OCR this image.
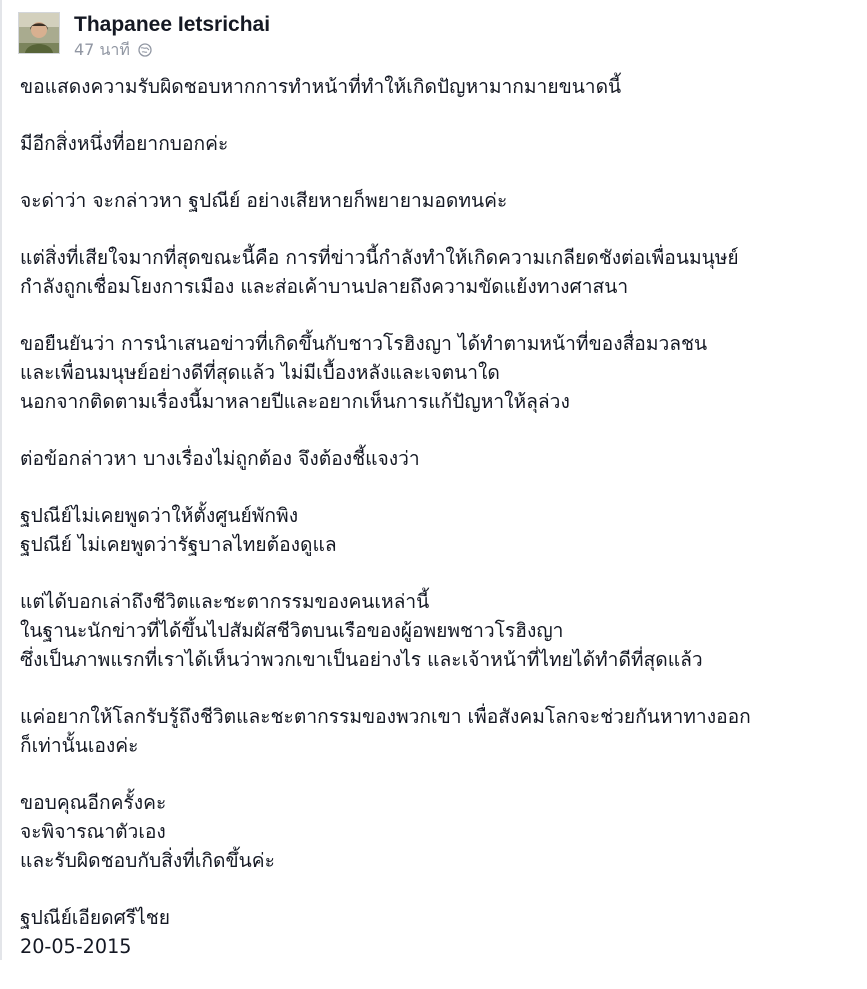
Thapanee Ietsrichai
47 นาที
ขอแสดงความรับผิดชอบหากการทำหน้าที่ทำให้เกิดปัญหามากมายขนาดนี้
มีอีกสิ่งหนึ่งที่อยากบอกค่ะ
จะด่าว่า จะกล่าวหา ฐปณีย์ อย่างเสียหายก็พยายามอดทนค่ะ
แต่สิ่งที่เสียใจมากที่สุดขณะนี้คือ การที่ข่าวนี้กำลังทำให้เกิดความเกลียดชังต่อเพื่อนมนุษย์
กำลังถูกเชื่อมโยงการเมือง และส่อเค้าบานปลายถึงความขัดแย้งทางศาสนา
ขอยืนยันว่า การนำเสนอข่าวที่เกิดขึ้นกับชาวโรฮิงญา ได้ทำตามหน้าที่ของสื่อมวลชน
และเพื่อนมนุษย์อย่างดีที่สุดแล้ว ไม่มีเบื้องหลังและเจตนาใด
นอกจากติดตามเรื่องนี้มาหลายปีและอยากเห็นการแก้ปัญหาให้ลุล่วง
ต่อข้อกล่าวหา บางเรื่องไม่ถูกต้อง จึงต้องชี้แจงว่า
ฐปณีย์ไม่เคยพูดว่าให้ตั้งศูนย์พักพิง
ฐปณีย์ ไม่เคยพูดว่ารัฐบาลไทยต้องดูแล
แต่ได้บอกเล่าถึงชีวิตและชะตากรรมของคนเหล่านี้
ในฐานะนักข่าวที่ได้ขึ้นไปสัมผัสชีวิตบนเรือของผู้อพยพชาวโรฮิงญา
ซึ่งเป็นภาพแรกที่เราได้เห็นว่าพวกเขาเป็นอย่างไร และเจ้าหน้าที่ไทยได้ทำดีที่สุดแล้ว
แค่อยากให้โลกรับรู้ถึงชีวิตและชะตากรรมของพวกเขา เพื่อสังคมโลกจะช่วยกันหาทางออก
ก็เท่านั้นเองค่ะ
ขอบคุณอีกครั้งคะ
จะพิจารณาตัวเอง
และรับผิดชอบกับสิ่งที่เกิดขึ้นค่ะ
ฐปณีย์เอียดศรีไชย
20-05-2015
